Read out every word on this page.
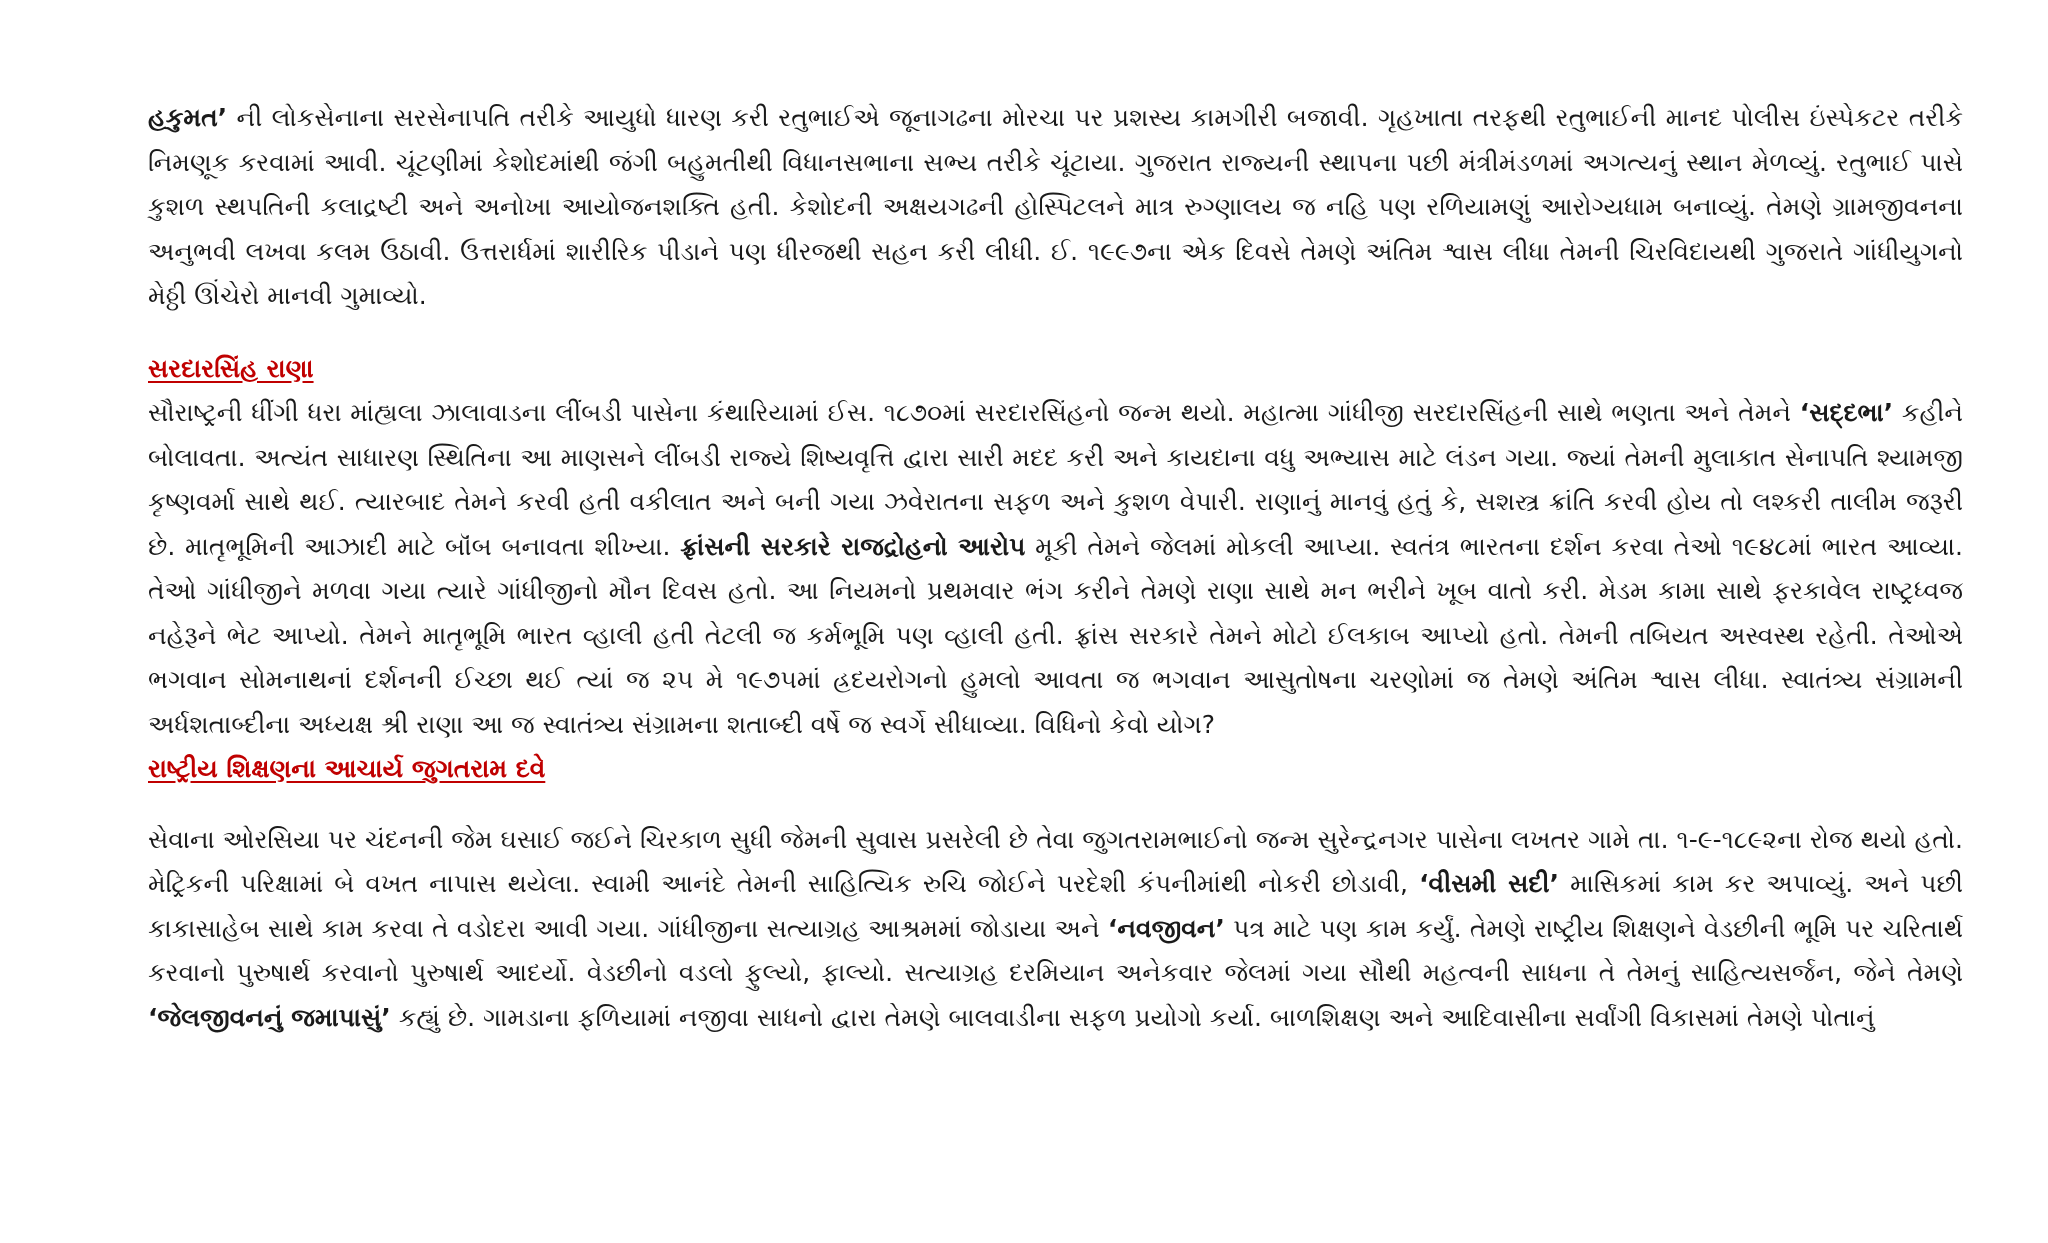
હકુમત’ ની લોકસેનાના સરસેનાપતિ તરીકે આયુધો ધારણ કરી રતુભાઈએ જૂનાગઢના મોરચા પર પ્રશસ્ય કામગીરી બજાવી. ગૃહખાતા તરફથી રતુભાઈની માનદ પોલીસ ઇંસ્પેકટર તરીકે નિમણૂક કરવામાં આવી. ચૂંટણીમાં કેશોદમાંથી જંગી બહુમતીથી વિધાનસભાના સભ્ય તરીકે ચૂંટાયા. ગુજરાત રાજ્યની સ્થાપના પછી મંત્રીમંડળમાં અગત્યનું સ્થાન મેળવ્યું. રતુભાઈ પાસે કુશળ સ્થપતિની કલાદ્રષ્ટી અને અનોખા આયોજનશક્તિ હતી. કેશોદની અક્ષયગઢની હોસ્પિટલને માત્ર રુગ્ણાલય જ નહિ પણ રળિયામણું આરોગ્યધામ બનાવ્યું. તેમણે ગ્રામજીવનના અનુભવી લખવા કલમ ઉઠાવી. ઉત્તરાર્ધમાં શારીરિક પીડાને પણ ધીરજથી સહન કરી લીધી. ઈ. ૧૯૯૭ના એક દિવસે તેમણે અંતિમ શ્વાસ લીધા તેમની ચિરવિદાયથી ગુજરાતે ગાંધીયુગનો મેઠ્ઠી ઊંચેરો માનવી ગુમાવ્યો.

સરદારસિંહ રાણા

સૌરાષ્ટ્રની ધીંગી ધરા માંહ્યલા ઝાલાવાડના લીંબડી પાસેના કંથારિયામાં ઈસ. ૧૮૭૦માં સરદારસિંહનો જન્મ થયો. મહાત્મા ગાંધીજી સરદારસિંહની સાથે ભણતા અને તેમને ‘સદ્દભા’ કહીને બોલાવતા. અત્યંત સાધારણ સ્થિતિના આ માણસને લીંબડી રાજ્યે શિષ્યવૃત્તિ દ્વારા સારી મદદ કરી અને કાયદાના વધુ અભ્યાસ માટે લંડન ગયા. જ્યાં તેમની મુલાકાત સેનાપતિ શ્યામજી કૃષ્ણવર્મા સાથે થઈ. ત્યારબાદ તેમને કરવી હતી વકીલાત અને બની ગયા ઝવેરાતના સફળ અને કુશળ વેપારી. રાણાનું માનવું હતું કે, સશસ્ત્ર ક્રાંતિ કરવી હોય તો લશ્કરી તાલીમ જરૂરી છે. માતૃભૂમિની આઝાદી માટે બૉંબ બનાવતા શીખ્યા. ફ્રાંસની સરકારે રાજદ્રોહનો આરોપ મૂકી તેમને જેલમાં મોકલી આપ્યા. સ્વતંત્ર ભારતના દર્શન કરવા તેઓ ૧૯૪૮માં ભારત આવ્યા. તેઓ ગાંધીજીને મળવા ગયા ત્યારે ગાંધીજીનો મૌન દિવસ હતો. આ નિયમનો પ્રથમવાર ભંગ કરીને તેમણે રાણા સાથે મન ભરીને ખૂબ વાતો કરી. મેડમ કામા સાથે ફરકાવેલ રાષ્ટ્રધ્વજ નહેરૂને ભેટ આપ્યો. તેમને માતૃભૂમિ ભારત વ્હાલી હતી તેટલી જ કર્મભૂમિ પણ વ્હાલી હતી. ફ્રાંસ સરકારે તેમને મોટો ઈલકાબ આપ્યો હતો. તેમની તબિયત અસ્વસ્થ રહેતી. તેઓએ ભગવાન સોમનાથનાં દર્શનની ઈચ્છા થઈ ત્યાં જ ૨૫ મે ૧૯૭૫માં હ્રદયરોગનો હુમલો આવતા જ ભગવાન આસુતોષના ચરણોમાં જ તેમણે અંતિમ શ્વાસ લીધા. સ્વાતંત્ર્ય સંગ્રામની અર્ધશતાબ્દીના અધ્યક્ષ શ્રી રાણા આ જ સ્વાતંત્ર્ય સંગ્રામના શતાબ્દી વર્ષે જ સ્વર્ગે સીધાવ્યા. વિધિનો કેવો યોગ?

રાષ્ટ્રીય શિક્ષણના આચાર્ય જુગતરામ દવે

સેવાના ઓરસિયા પર ચંદનની જેમ ઘસાઈ જઈને ચિરકાળ સુધી જેમની સુવાસ પ્રસરેલી છે તેવા જુગતરામભાઈનો જન્મ સુરેન્દ્રનગર પાસેના લખતર ગામે તા. ૧-૯-૧૮૯૨ના રોજ થયો હતો. મેટ્રિકની પરિક્ષામાં બે વખત નાપાસ થયેલા. સ્વામી આનંદે તેમની સાહિત્યિક રુચિ જોઈને પરદેશી કંપનીમાંથી નોકરી છોડાવી, ‘વીસમી સદી’ માસિકમાં કામ કર અપાવ્યું. અને પછી કાકાસાહેબ સાથે કામ કરવા તે વડોદરા આવી ગયા. ગાંધીજીના સત્યાગ્રહ આશ્રમમાં જોડાયા અને ‘નવજીવન’ પત્ર માટે પણ કામ કર્યું. તેમણે રાષ્ટ્રીય શિક્ષણને વેડછીની ભૂમિ પર ચરિતાર્થ કરવાનો પુરુષાર્થ કરવાનો પુરુષાર્થ આદર્યો. વેડછીનો વડલો ફુલ્યો, ફાલ્યો. સત્યાગ્રહ દરમિયાન અનેકવાર જેલમાં ગયા સૌથી મહત્વની સાધના તે તેમનું સાહિત્યસર્જન, જેને તેમણે ‘જેલજીવનનું જમાપાસું’ કહ્યું છે. ગામડાના ફળિયામાં નજીવા સાધનો દ્વારા તેમણે બાલવાડીના સફળ પ્રયોગો કર્યા. બાળશિક્ષણ અને આદિવાસીના સર્વાંગી વિકાસમાં તેમણે પોતાનું
